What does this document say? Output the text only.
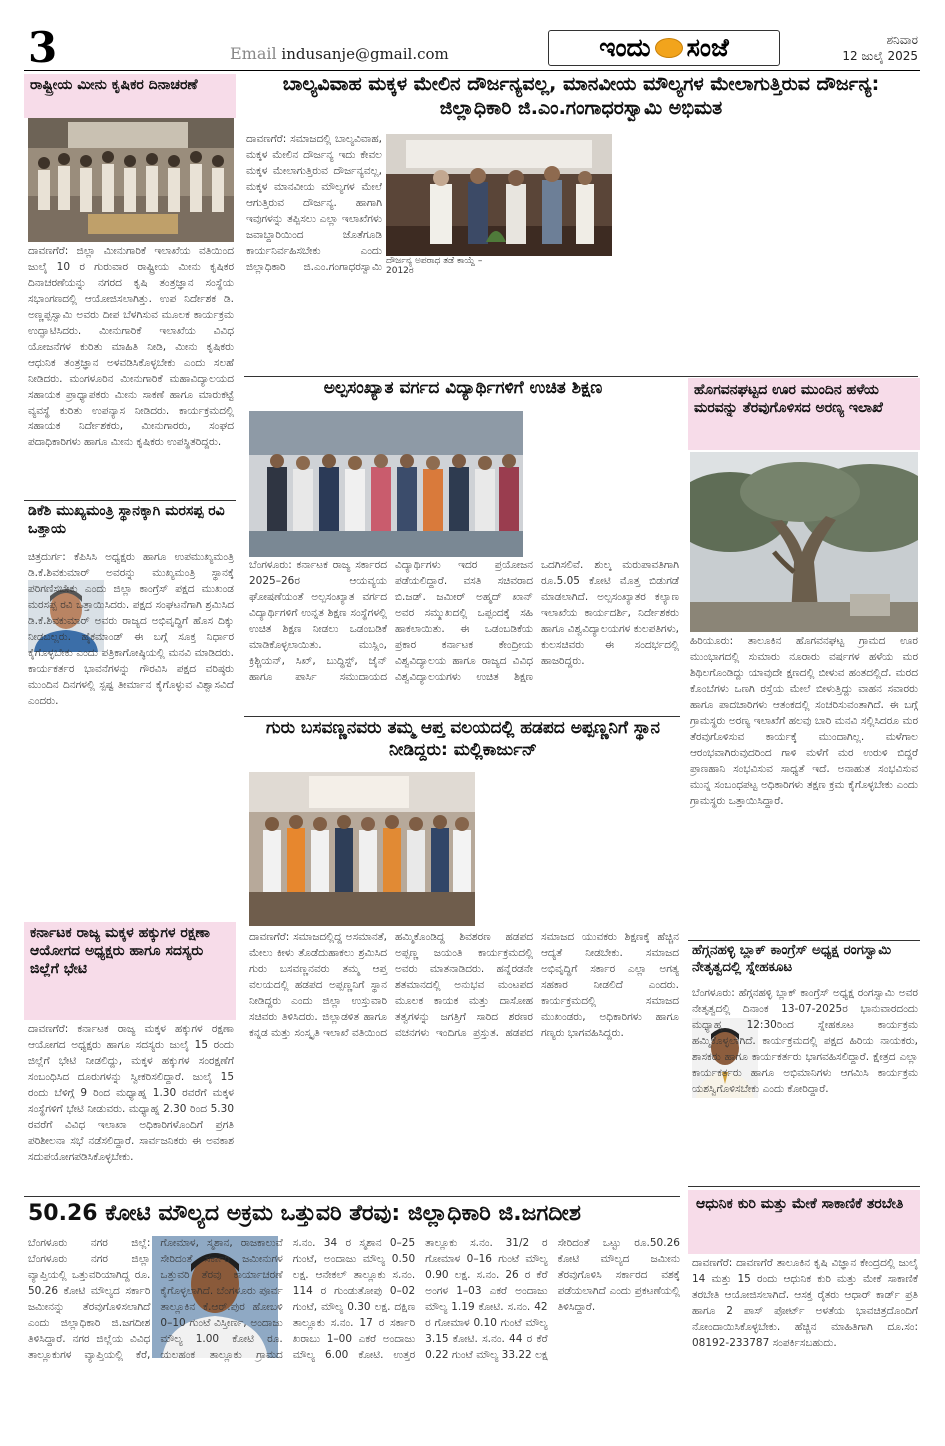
3	Email indusanje@gmail.com	ಇಂದು ಸಂಜೆ	ಶನಿವಾರ
12 ಜುಲೈ 2025
ರಾಷ್ಟ್ರೀಯ ಮೀನು ಕೃಷಿಕರ ದಿನಾಚರಣೆ
ದಾವಣಗೆರೆ: ಜಿಲ್ಲಾ ಮೀನುಗಾರಿಕೆ ಇಲಾಖೆಯ ವತಿಯಿಂದ ಜುಲೈ 10 ರ ಗುರುವಾರ ರಾಷ್ಟ್ರೀಯ ಮೀನು ಕೃಷಿಕರ ದಿನಾಚರಣೆಯನ್ನು ನಗರದ ಕೃಷಿ ತಂತ್ರಜ್ಞಾನ ಸಂಸ್ಥೆಯ ಸಭಾಂಗಣದಲ್ಲಿ ಆಯೋಜಿಸಲಾಗಿತ್ತು. ಉಪ ನಿರ್ದೇಶಕ ಡಿ. ಅಣ್ಣಪ್ಪಸ್ವಾಮಿ ಅವರು ದೀಪ ಬೆಳಗಿಸುವ ಮೂಲಕ ಕಾರ್ಯಕ್ರಮ ಉದ್ಘಾಟಿಸಿದರು. ಮೀನುಗಾರಿಕೆ ಇಲಾಖೆಯ ವಿವಿಧ ಯೋಜನೆಗಳ ಕುರಿತು ಮಾಹಿತಿ ನೀಡಿ, ಮೀನು ಕೃಷಿಕರು ಆಧುನಿಕ ತಂತ್ರಜ್ಞಾನ ಅಳವಡಿಸಿಕೊಳ್ಳಬೇಕು ಎಂದು ಸಲಹೆ ನೀಡಿದರು. ಮಂಗಳೂರಿನ ಮೀನುಗಾರಿಕೆ ಮಹಾವಿದ್ಯಾಲಯದ ಸಹಾಯಕ ಪ್ರಾಧ್ಯಾಪಕರು ಮೀನು ಸಾಕಣೆ ಹಾಗೂ ಮಾರುಕಟ್ಟೆ ವ್ಯವಸ್ಥೆ ಕುರಿತು ಉಪನ್ಯಾಸ ನೀಡಿದರು. ಕಾರ್ಯಕ್ರಮದಲ್ಲಿ ಸಹಾಯಕ ನಿರ್ದೇಶಕರು, ಮೀನುಗಾರರು, ಸಂಘದ ಪದಾಧಿಕಾರಿಗಳು ಹಾಗೂ ಮೀನು ಕೃಷಿಕರು ಉಪಸ್ಥಿತರಿದ್ದರು.
ಡಿಕೆಶಿ ಮುಖ್ಯಮಂತ್ರಿ ಸ್ಥಾನಕ್ಕಾಗಿ ಮರಸಪ್ಪ ರವಿ ಒತ್ತಾಯ
ಚಿತ್ರದುರ್ಗ: ಕೆಪಿಸಿಸಿ ಅಧ್ಯಕ್ಷರು ಹಾಗೂ ಉಪಮುಖ್ಯಮಂತ್ರಿ ಡಿ.ಕೆ.ಶಿವಕುಮಾರ್ ಅವರನ್ನು ಮುಖ್ಯಮಂತ್ರಿ ಸ್ಥಾನಕ್ಕೆ ಪರಿಗಣಿಸಬೇಕು ಎಂದು ಜಿಲ್ಲಾ ಕಾಂಗ್ರೆಸ್ ಪಕ್ಷದ ಮುಖಂಡ ಮರಸಪ್ಪ ರವಿ ಒತ್ತಾಯಿಸಿದರು. ಪಕ್ಷದ ಸಂಘಟನೆಗಾಗಿ ಶ್ರಮಿಸಿದ ಡಿ.ಕೆ.ಶಿವಕುಮಾರ್ ಅವರು ರಾಜ್ಯದ ಅಭಿವೃದ್ಧಿಗೆ ಹೊಸ ದಿಕ್ಕು ನೀಡಬಲ್ಲರು. ಹೈಕಮಾಂಡ್ ಈ ಬಗ್ಗೆ ಸೂಕ್ತ ನಿರ್ಧಾರ ಕೈಗೊಳ್ಳಬೇಕು ಎಂದು ಪತ್ರಿಕಾಗೋಷ್ಠಿಯಲ್ಲಿ ಮನವಿ ಮಾಡಿದರು. ಕಾರ್ಯಕರ್ತರ ಭಾವನೆಗಳನ್ನು ಗೌರವಿಸಿ ಪಕ್ಷದ ವರಿಷ್ಠರು ಮುಂದಿನ ದಿನಗಳಲ್ಲಿ ಸ್ಪಷ್ಟ ತೀರ್ಮಾನ ಕೈಗೊಳ್ಳುವ ವಿಶ್ವಾಸವಿದೆ ಎಂದರು.
ಕರ್ನಾಟಕ ರಾಜ್ಯ ಮಕ್ಕಳ ಹಕ್ಕುಗಳ ರಕ್ಷಣಾ ಆಯೋಗದ ಅಧ್ಯಕ್ಷರು ಹಾಗೂ ಸದಸ್ಯರು ಜಿಲ್ಲೆಗೆ ಭೇಟಿ
ದಾವಣಗೆರೆ: ಕರ್ನಾಟಕ ರಾಜ್ಯ ಮಕ್ಕಳ ಹಕ್ಕುಗಳ ರಕ್ಷಣಾ ಆಯೋಗದ ಅಧ್ಯಕ್ಷರು ಹಾಗೂ ಸದಸ್ಯರು ಜುಲೈ 15 ರಂದು ಜಿಲ್ಲೆಗೆ ಭೇಟಿ ನೀಡಲಿದ್ದು, ಮಕ್ಕಳ ಹಕ್ಕುಗಳ ಸಂರಕ್ಷಣೆಗೆ ಸಂಬಂಧಿಸಿದ ದೂರುಗಳನ್ನು ಸ್ವೀಕರಿಸಲಿದ್ದಾರೆ. ಜುಲೈ 15 ರಂದು ಬೆಳಿಗ್ಗೆ 9 ರಿಂದ ಮಧ್ಯಾಹ್ನ 1.30 ರವರೆಗೆ ಮಕ್ಕಳ ಸಂಸ್ಥೆಗಳಿಗೆ ಭೇಟಿ ನೀಡುವರು. ಮಧ್ಯಾಹ್ನ 2.30 ರಿಂದ 5.30 ರವರೆಗೆ ವಿವಿಧ ಇಲಾಖಾ ಅಧಿಕಾರಿಗಳೊಂದಿಗೆ ಪ್ರಗತಿ ಪರಿಶೀಲನಾ ಸಭೆ ನಡೆಸಲಿದ್ದಾರೆ. ಸಾರ್ವಜನಿಕರು ಈ ಅವಕಾಶ ಸದುಪಯೋಗಪಡಿಸಿಕೊಳ್ಳಬೇಕು.
ಬಾಲ್ಯವಿವಾಹ ಮಕ್ಕಳ ಮೇಲಿನ ದೌರ್ಜನ್ಯವಲ್ಲ, ಮಾನವೀಯ ಮೌಲ್ಯಗಳ ಮೇಲಾಗುತ್ತಿರುವ ದೌರ್ಜನ್ಯ: ಜಿಲ್ಲಾಧಿಕಾರಿ ಜಿ.ಎಂ.ಗಂಗಾಧರಸ್ವಾಮಿ ಅಭಿಮತ
ದಾವಣಗೆರೆ: ಸಮಾಜದಲ್ಲಿ ಬಾಲ್ಯವಿವಾಹ, ಮಕ್ಕಳ ಮೇಲಿನ ದೌರ್ಜನ್ಯ ಇದು ಕೇವಲ ಮಕ್ಕಳ ಮೇಲಾಗುತ್ತಿರುವ ದೌರ್ಜನ್ಯವಲ್ಲ, ಮಕ್ಕಳ ಮಾನವೀಯ ಮೌಲ್ಯಗಳ ಮೇಲೆ ಆಗುತ್ತಿರುವ ದೌರ್ಜನ್ಯ. ಹಾಗಾಗಿ ಇವುಗಳನ್ನು ತಪ್ಪಿಸಲು ಎಲ್ಲಾ ಇಲಾಖೆಗಳು ಜವಾಬ್ದಾರಿಯಿಂದ ಜೊತೆಗೂಡಿ ಕಾರ್ಯನಿರ್ವಹಿಸಬೇಕು ಎಂದು ಜಿಲ್ಲಾಧಿಕಾರಿ ಜಿ.ಎಂ.ಗಂಗಾಧರಸ್ವಾಮಿ ದೌರ್ಜನ್ಯ ಅಪರಾಧ ತಡೆ ಕಾಯ್ದೆ – 2012ರ
ಅಲ್ಪಸಂಖ್ಯಾತ ವರ್ಗದ ವಿದ್ಯಾರ್ಥಿಗಳಿಗೆ ಉಚಿತ ಶಿಕ್ಷಣ
ಬೆಂಗಳೂರು: ಕರ್ನಾಟಕ ರಾಜ್ಯ ಸರ್ಕಾರದ 2025–26ರ ಆಯವ್ಯಯ ಘೋಷಣೆಯಂತೆ ಅಲ್ಪಸಂಖ್ಯಾತ ವರ್ಗದ ವಿದ್ಯಾರ್ಥಿಗಳಿಗೆ ಉನ್ನತ ಶಿಕ್ಷಣ ಸಂಸ್ಥೆಗಳಲ್ಲಿ ಉಚಿತ ಶಿಕ್ಷಣ ನೀಡಲು ಒಡಂಬಡಿಕೆ ಮಾಡಿಕೊಳ್ಳಲಾಯಿತು. ಮುಸ್ಲಿಂ, ಕ್ರಿಶ್ಚಿಯನ್, ಸಿಖ್, ಬುದ್ಧಿಸ್ಟ್, ಜೈನ್ ಹಾಗೂ ಪಾರ್ಸಿ ಸಮುದಾಯದ ವಿದ್ಯಾರ್ಥಿಗಳು ಇದರ ಪ್ರಯೋಜನ ಪಡೆಯಲಿದ್ದಾರೆ. ವಸತಿ ಸಚಿವರಾದ ಬಿ.ಜಡ್. ಜಮೀರ್ ಅಹ್ಮದ್ ಖಾನ್ ಅವರ ಸಮ್ಮುಖದಲ್ಲಿ ಒಪ್ಪಂದಕ್ಕೆ ಸಹಿ ಹಾಕಲಾಯಿತು. ಈ ಒಡಂಬಡಿಕೆಯ ಪ್ರಕಾರ ಕರ್ನಾಟಕ ಕೇಂದ್ರೀಯ ವಿಶ್ವವಿದ್ಯಾಲಯ ಹಾಗೂ ರಾಜ್ಯದ ವಿವಿಧ ವಿಶ್ವವಿದ್ಯಾಲಯಗಳು ಉಚಿತ ಶಿಕ್ಷಣ ಒದಗಿಸಲಿವೆ. ಶುಲ್ಕ ಮರುಪಾವತಿಗಾಗಿ ರೂ.5.05 ಕೋಟಿ ಮೊತ್ತ ಬಿಡುಗಡೆ ಮಾಡಲಾಗಿದೆ. ಅಲ್ಪಸಂಖ್ಯಾತರ ಕಲ್ಯಾಣ ಇಲಾಖೆಯ ಕಾರ್ಯದರ್ಶಿ, ನಿರ್ದೇಶಕರು ಹಾಗೂ ವಿಶ್ವವಿದ್ಯಾಲಯಗಳ ಕುಲಪತಿಗಳು, ಕುಲಸಚಿವರು ಈ ಸಂದರ್ಭದಲ್ಲಿ ಹಾಜರಿದ್ದರು.
ಹೊಗವನಘಟ್ಟದ ಊರ ಮುಂದಿನ ಹಳೆಯ ಮರವನ್ನು ತೆರವುಗೊಳಿಸದ ಅರಣ್ಯ ಇಲಾಖೆ
ಹಿರಿಯೂರು: ತಾಲೂಕಿನ ಹೊಗವನಘಟ್ಟ ಗ್ರಾಮದ ಊರ ಮುಂಭಾಗದಲ್ಲಿ ಸುಮಾರು ನೂರಾರು ವರ್ಷಗಳ ಹಳೆಯ ಮರ ಶಿಥಿಲಗೊಂಡಿದ್ದು ಯಾವುದೇ ಕ್ಷಣದಲ್ಲಿ ಬೀಳುವ ಹಂತದಲ್ಲಿದೆ. ಮರದ ಕೊಂಬೆಗಳು ಒಣಗಿ ರಸ್ತೆಯ ಮೇಲೆ ಬೀಳುತ್ತಿದ್ದು ವಾಹನ ಸವಾರರು ಹಾಗೂ ಪಾದಚಾರಿಗಳು ಆತಂಕದಲ್ಲಿ ಸಂಚರಿಸುವಂತಾಗಿದೆ. ಈ ಬಗ್ಗೆ ಗ್ರಾಮಸ್ಥರು ಅರಣ್ಯ ಇಲಾಖೆಗೆ ಹಲವು ಬಾರಿ ಮನವಿ ಸಲ್ಲಿಸಿದರೂ ಮರ ತೆರವುಗೊಳಿಸುವ ಕಾರ್ಯಕ್ಕೆ ಮುಂದಾಗಿಲ್ಲ. ಮಳೆಗಾಲ ಆರಂಭವಾಗಿರುವುದರಿಂದ ಗಾಳಿ ಮಳೆಗೆ ಮರ ಉರುಳಿ ಬಿದ್ದರೆ ಪ್ರಾಣಹಾನಿ ಸಂಭವಿಸುವ ಸಾಧ್ಯತೆ ಇದೆ. ಅನಾಹುತ ಸಂಭವಿಸುವ ಮುನ್ನ ಸಂಬಂಧಪಟ್ಟ ಅಧಿಕಾರಿಗಳು ತಕ್ಷಣ ಕ್ರಮ ಕೈಗೊಳ್ಳಬೇಕು ಎಂದು ಗ್ರಾಮಸ್ಥರು ಒತ್ತಾಯಿಸಿದ್ದಾರೆ.
ಹೆಗ್ಗನಹಳ್ಳಿ ಬ್ಲಾಕ್ ಕಾಂಗ್ರೆಸ್ ಅಧ್ಯಕ್ಷ ರಂಗಸ್ವಾಮಿ ನೇತೃತ್ವದಲ್ಲಿ ಸ್ನೇಹಕೂಟ
ಬೆಂಗಳೂರು: ಹೆಗ್ಗನಹಳ್ಳಿ ಬ್ಲಾಕ್ ಕಾಂಗ್ರೆಸ್ ಅಧ್ಯಕ್ಷ ರಂಗಸ್ವಾಮಿ ಅವರ ನೇತೃತ್ವದಲ್ಲಿ ದಿನಾಂಕ 13-07-2025ರ ಭಾನುವಾರದಂದು ಮಧ್ಯಾಹ್ನ 12:30ರಿಂದ ಸ್ನೇಹಕೂಟ ಕಾರ್ಯಕ್ರಮ ಹಮ್ಮಿಕೊಳ್ಳಲಾಗಿದೆ. ಕಾರ್ಯಕ್ರಮದಲ್ಲಿ ಪಕ್ಷದ ಹಿರಿಯ ನಾಯಕರು, ಶಾಸಕರು ಹಾಗೂ ಕಾರ್ಯಕರ್ತರು ಭಾಗವಹಿಸಲಿದ್ದಾರೆ. ಕ್ಷೇತ್ರದ ಎಲ್ಲಾ ಕಾರ್ಯಕರ್ತರು ಹಾಗೂ ಅಭಿಮಾನಿಗಳು ಆಗಮಿಸಿ ಕಾರ್ಯಕ್ರಮ ಯಶಸ್ವಿಗೊಳಿಸಬೇಕು ಎಂದು ಕೋರಿದ್ದಾರೆ.
ಆಧುನಿಕ ಕುರಿ ಮತ್ತು ಮೇಕೆ ಸಾಕಾಣಿಕೆ ತರಬೇತಿ
ದಾವಣಗೆರೆ: ದಾವಣಗೆರೆ ತಾಲೂಕಿನ ಕೃಷಿ ವಿಜ್ಞಾನ ಕೇಂದ್ರದಲ್ಲಿ ಜುಲೈ 14 ಮತ್ತು 15 ರಂದು ಆಧುನಿಕ ಕುರಿ ಮತ್ತು ಮೇಕೆ ಸಾಕಾಣಿಕೆ ತರಬೇತಿ ಆಯೋಜಿಸಲಾಗಿದೆ. ಆಸಕ್ತ ರೈತರು ಆಧಾರ್ ಕಾರ್ಡ್ ಪ್ರತಿ ಹಾಗೂ 2 ಪಾಸ್ ಪೋರ್ಟ್ ಅಳತೆಯ ಭಾವಚಿತ್ರದೊಂದಿಗೆ ನೋಂದಾಯಿಸಿಕೊಳ್ಳಬೇಕು. ಹೆಚ್ಚಿನ ಮಾಹಿತಿಗಾಗಿ ದೂ.ಸಂ: 08192-233787 ಸಂಪರ್ಕಿಸಬಹುದು.
ಗುರು ಬಸವಣ್ಣನವರು ತಮ್ಮ ಆಪ್ತ ವಲಯದಲ್ಲಿ ಹಡಪದ ಅಪ್ಪಣ್ಣನಿಗೆ ಸ್ಥಾನ ನೀಡಿದ್ದರು: ಮಲ್ಲಿಕಾರ್ಜುನ್
ದಾವಣಗೆರೆ: ಸಮಾಜದಲ್ಲಿದ್ದ ಅಸಮಾನತೆ, ಮೇಲು ಕೀಳು ತೊಡೆದುಹಾಕಲು ಶ್ರಮಿಸಿದ ಗುರು ಬಸವಣ್ಣನವರು ತಮ್ಮ ಆಪ್ತ ವಲಯದಲ್ಲಿ ಹಡಪದ ಅಪ್ಪಣ್ಣನಿಗೆ ಸ್ಥಾನ ನೀಡಿದ್ದರು ಎಂದು ಜಿಲ್ಲಾ ಉಸ್ತುವಾರಿ ಸಚಿವರು ತಿಳಿಸಿದರು. ಜಿಲ್ಲಾಡಳಿತ ಹಾಗೂ ಕನ್ನಡ ಮತ್ತು ಸಂಸ್ಕೃತಿ ಇಲಾಖೆ ವತಿಯಿಂದ ಹಮ್ಮಿಕೊಂಡಿದ್ದ ಶಿವಶರಣ ಹಡಪದ ಅಪ್ಪಣ್ಣ ಜಯಂತಿ ಕಾರ್ಯಕ್ರಮದಲ್ಲಿ ಅವರು ಮಾತನಾಡಿದರು. ಹನ್ನೆರಡನೇ ಶತಮಾನದಲ್ಲಿ ಅನುಭವ ಮಂಟಪದ ಮೂಲಕ ಕಾಯಕ ಮತ್ತು ದಾಸೋಹ ತತ್ವಗಳನ್ನು ಜಗತ್ತಿಗೆ ಸಾರಿದ ಶರಣರ ವಚನಗಳು ಇಂದಿಗೂ ಪ್ರಸ್ತುತ. ಹಡಪದ ಸಮಾಜದ ಯುವಕರು ಶಿಕ್ಷಣಕ್ಕೆ ಹೆಚ್ಚಿನ ಆದ್ಯತೆ ನೀಡಬೇಕು. ಸಮಾಜದ ಅಭಿವೃದ್ಧಿಗೆ ಸರ್ಕಾರ ಎಲ್ಲಾ ಅಗತ್ಯ ಸಹಕಾರ ನೀಡಲಿದೆ ಎಂದರು. ಕಾರ್ಯಕ್ರಮದಲ್ಲಿ ಸಮಾಜದ ಮುಖಂಡರು, ಅಧಿಕಾರಿಗಳು ಹಾಗೂ ಗಣ್ಯರು ಭಾಗವಹಿಸಿದ್ದರು.
50.26 ಕೋಟಿ ಮೌಲ್ಯದ ಅಕ್ರಮ ಒತ್ತುವರಿ ತೆರವು: ಜಿಲ್ಲಾಧಿಕಾರಿ ಜಿ.ಜಗದೀಶ
ಬೆಂಗಳೂರು ನಗರ ಜಿಲ್ಲೆ: ಬೆಂಗಳೂರು ನಗರ ಜಿಲ್ಲಾ ವ್ಯಾಪ್ತಿಯಲ್ಲಿ ಒತ್ತುವರಿಯಾಗಿದ್ದ ರೂ. 50.26 ಕೋಟಿ ಮೌಲ್ಯದ ಸರ್ಕಾರಿ ಜಮೀನನ್ನು ತೆರವುಗೊಳಿಸಲಾಗಿದೆ ಎಂದು ಜಿಲ್ಲಾಧಿಕಾರಿ ಜಿ.ಜಗದೀಶ ತಿಳಿಸಿದ್ದಾರೆ. ನಗರ ಜಿಲ್ಲೆಯ ವಿವಿಧ ತಾಲ್ಲೂಕುಗಳ ವ್ಯಾಪ್ತಿಯಲ್ಲಿ ಕೆರೆ, ಗೋಮಾಳ, ಸ್ಮಶಾನ, ರಾಜಕಾಲುವೆ ಸೇರಿದಂತೆ ಸರ್ಕಾರಿ ಜಮೀನುಗಳ ಒತ್ತುವರಿ ತೆರವು ಕಾರ್ಯಾಚರಣೆ ಕೈಗೊಳ್ಳಲಾಗಿದೆ. ಬೆಂಗಳೂರು ಪೂರ್ವ ತಾಲ್ಲೂಕಿನ ಕೆ.ಆರ್.ಪುರ ಹೋಬಳಿ 0–10 ಗುಂಟೆ ವಿಸ್ತೀರ್ಣ, ಅಂದಾಜು ಮೌಲ್ಯ 1.00 ಕೋಟಿ ರೂ. ಯಲಹಂಕ ತಾಲ್ಲೂಕು ಗ್ರಾಮದ ಸ.ನಂ. 34 ರ ಸ್ಮಶಾನ 0–25 ಗುಂಟೆ, ಅಂದಾಜು ಮೌಲ್ಯ 0.50 ಲಕ್ಷ. ಆನೇಕಲ್ ತಾಲ್ಲೂಕು ಸ.ನಂ. 114 ರ ಗುಂಡುತೋಪು 0–02 ಗುಂಟೆ, ಮೌಲ್ಯ 0.30 ಲಕ್ಷ. ದಕ್ಷಿಣ ತಾಲ್ಲೂಕು ಸ.ನಂ. 17 ರ ಸರ್ಕಾರಿ ಖರಾಬು 1–00 ಎಕರೆ ಅಂದಾಜು ಮೌಲ್ಯ 6.00 ಕೋಟಿ. ಉತ್ತರ ತಾಲ್ಲೂಕು ಸ.ನಂ. 31/2 ರ ಗೋಮಾಳ 0–16 ಗುಂಟೆ ಮೌಲ್ಯ 0.90 ಲಕ್ಷ. ಸ.ನಂ. 26 ರ ಕೆರೆ ಅಂಗಳ 1–03 ಎಕರೆ ಅಂದಾಜು ಮೌಲ್ಯ 1.19 ಕೋಟಿ. ಸ.ನಂ. 42 ರ ಗೋಮಾಳ 0.10 ಗುಂಟೆ ಮೌಲ್ಯ 3.15 ಕೋಟಿ. ಸ.ನಂ. 44 ರ ಕೆರೆ 0.22 ಗುಂಟೆ ಮೌಲ್ಯ 33.22 ಲಕ್ಷ ಸೇರಿದಂತೆ ಒಟ್ಟು ರೂ.50.26 ಕೋಟಿ ಮೌಲ್ಯದ ಜಮೀನು ತೆರವುಗೊಳಿಸಿ ಸರ್ಕಾರದ ವಶಕ್ಕೆ ಪಡೆಯಲಾಗಿದೆ ಎಂದು ಪ್ರಕಟಣೆಯಲ್ಲಿ ತಿಳಿಸಿದ್ದಾರೆ.
